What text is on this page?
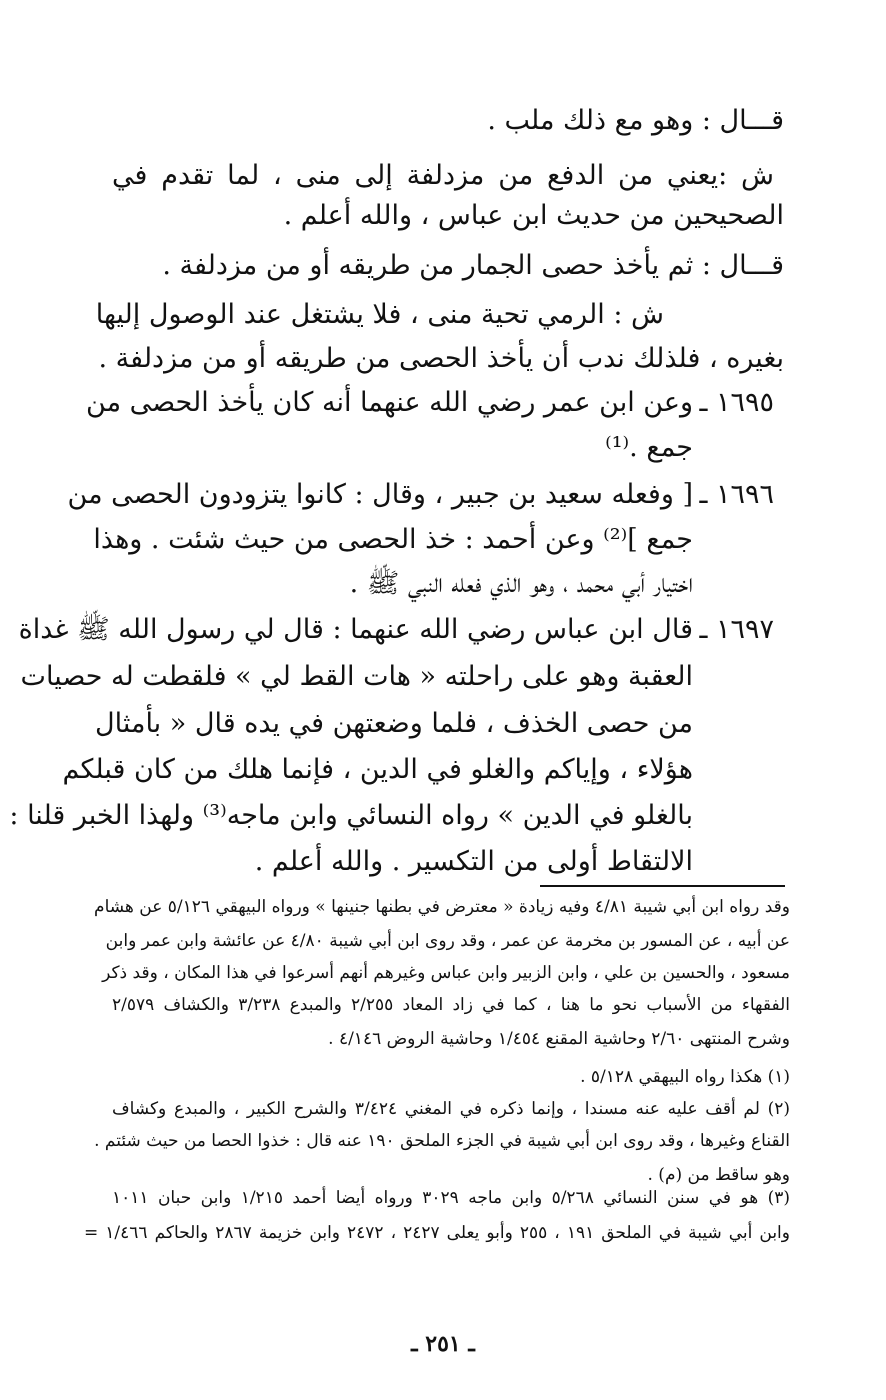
قـــال : وهو مع ذلك ملب .
ش :يعني من الدفع من مزدلفة إلى منى ، لما تقدم في
الصحيحين من حديث ابن عباس ، والله أعلم .
قـــال : ثم يأخذ حصى الجمار من طريقه أو من مزدلفة .
ش : الرمي تحية منى ، فلا يشتغل عند الوصول إليها
بغيره ، فلذلك ندب أن يأخذ الحصى من طريقه أو من مزدلفة .
١٦٩٥ ـ
وعن ابن عمر رضي الله عنهما أنه كان يأخذ الحصى من
جمع .⁽¹⁾
١٦٩٦ ـ
[ وفعله سعيد بن جبير ، وقال : كانوا يتزودون الحصى من
جمع ]⁽²⁾ وعن أحمد : خذ الحصى من حيث شئت . وهذا
اختيار أبي محمد ، وهو الذي فعله النبي ﷺ .
١٦٩٧ ـ
قال ابن عباس رضي الله عنهما : قال لي رسول الله ﷺ غداة
العقبة وهو على راحلته « هات القط لي » فلقطت له حصيات
من حصى الخذف ، فلما وضعتهن في يده قال « بأمثال
هؤلاء ، وإياكم والغلو في الدين ، فإنما هلك من كان قبلكم
بالغلو في الدين » رواه النسائي وابن ماجه⁽³⁾ ولهذا الخبر قلنا :
الالتقاط أولى من التكسير . والله أعلم .
وقد رواه ابن أبي شيبة ٤/٨١ وفيه زيادة « معترض في بطنها جنينها » ورواه البيهقي ٥/١٢٦ عن هشام
عن أبيه ، عن المسور بن مخرمة عن عمر ، وقد روى ابن أبي شيبة ٤/٨٠ عن عائشة وابن عمر وابن
مسعود ، والحسين بن علي ، وابن الزبير وابن عباس وغيرهم أنهم أسرعوا في هذا المكان ، وقد ذكر
الفقهاء من الأسباب نحو ما هنا ، كما في زاد المعاد ٢/٢٥٥ والمبدع ٣/٢٣٨ والكشاف ٢/٥٧٩
وشرح المنتهى ٢/٦٠ وحاشية المقنع ١/٤٥٤ وحاشية الروض ٤/١٤٦ .
(١) هكذا رواه البيهقي ٥/١٢٨ .
(٢) لم أقف عليه عنه مسندا ، وإنما ذكره في المغني ٣/٤٢٤ والشرح الكبير ، والمبدع وكشاف
القناع وغيرها ، وقد روى ابن أبي شيبة في الجزء الملحق ١٩٠ عنه قال : خذوا الحصا من حيث شئتم .
وهو ساقط من (م) .
(٣) هو في سنن النسائي ٥/٢٦٨ وابن ماجه ٣٠٢٩ ورواه أيضا أحمد ١/٢١٥ وابن حبان ١٠١١
وابن أبي شيبة في الملحق ١٩١ ، ٢٥٥ وأبو يعلى ٢٤٢٧ ، ٢٤٧٢ وابن خزيمة ٢٨٦٧ والحاكم ١/٤٦٦ =
ـ ٢٥١ ـ
